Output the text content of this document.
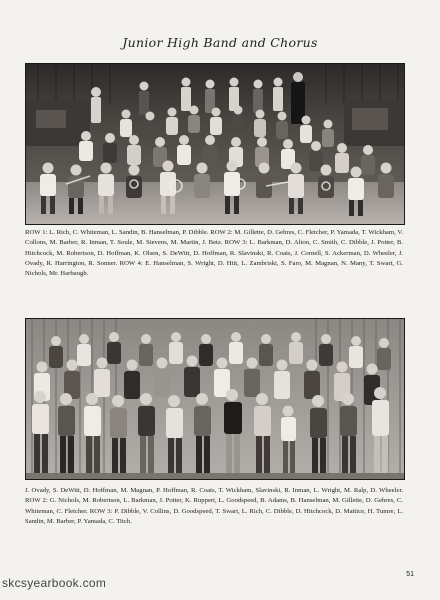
Junior High Band and Chorus
ROW 1: L. Rich, C. Whiteman, L. Sandin, B. Hanselman, P. Dibble. ROW 2: M. Gillette, D. Gehres, C. Fletcher, P. Yamada, T. Wickham, V. Collons, M. Barber, R. Inman, T. Soule, M. Stevens, M. Martin, J. Betz. ROW 3: L. Barkman, D. Alton, C. Smith, C. Dibble, J. Potter, B. Hitchcock, M. Robertson, D. Hoffman, K. Olsen, S. DeWitt, D. Hoffman, R. Slavinski, R. Coats, J. Cornell, S. Ackerman, D. Wheeler, J. Ovady, R. Harrington, R. Sonner. ROW 4: E. Hanselman, S. Wright, D. Hitt, L. Zambriski, S. Faro, M. Magnan, N. Many, T. Swart, G. Nichols, Mr. Harbaugh.
J. Ovady, S. DeWitt, D. Hoffman, M. Magnan, P. Hoffman, R. Coats, T. Wickham, Slavinski, R. Inman, L. Wright, M. Ralp, D. Wheeler. ROW 2: G. Nichols, M. Robertson, L. Barkman, J. Potter, K. Ruppert, L. Goodspeed, B. Adams, B. Hanselman, M. Gillette, D. Gehres, C. Whiteman, C. Fletcher. ROW 3: P. Dibble, V. Collins, D. Goodspeed, T. Swart, L. Rich, C. Dibble, D. Hitchcock, D. Mattice, H. Tumre, L. Sandin, M. Barber, P. Yamada, C. Titch.
51
skcsyearbook.com
